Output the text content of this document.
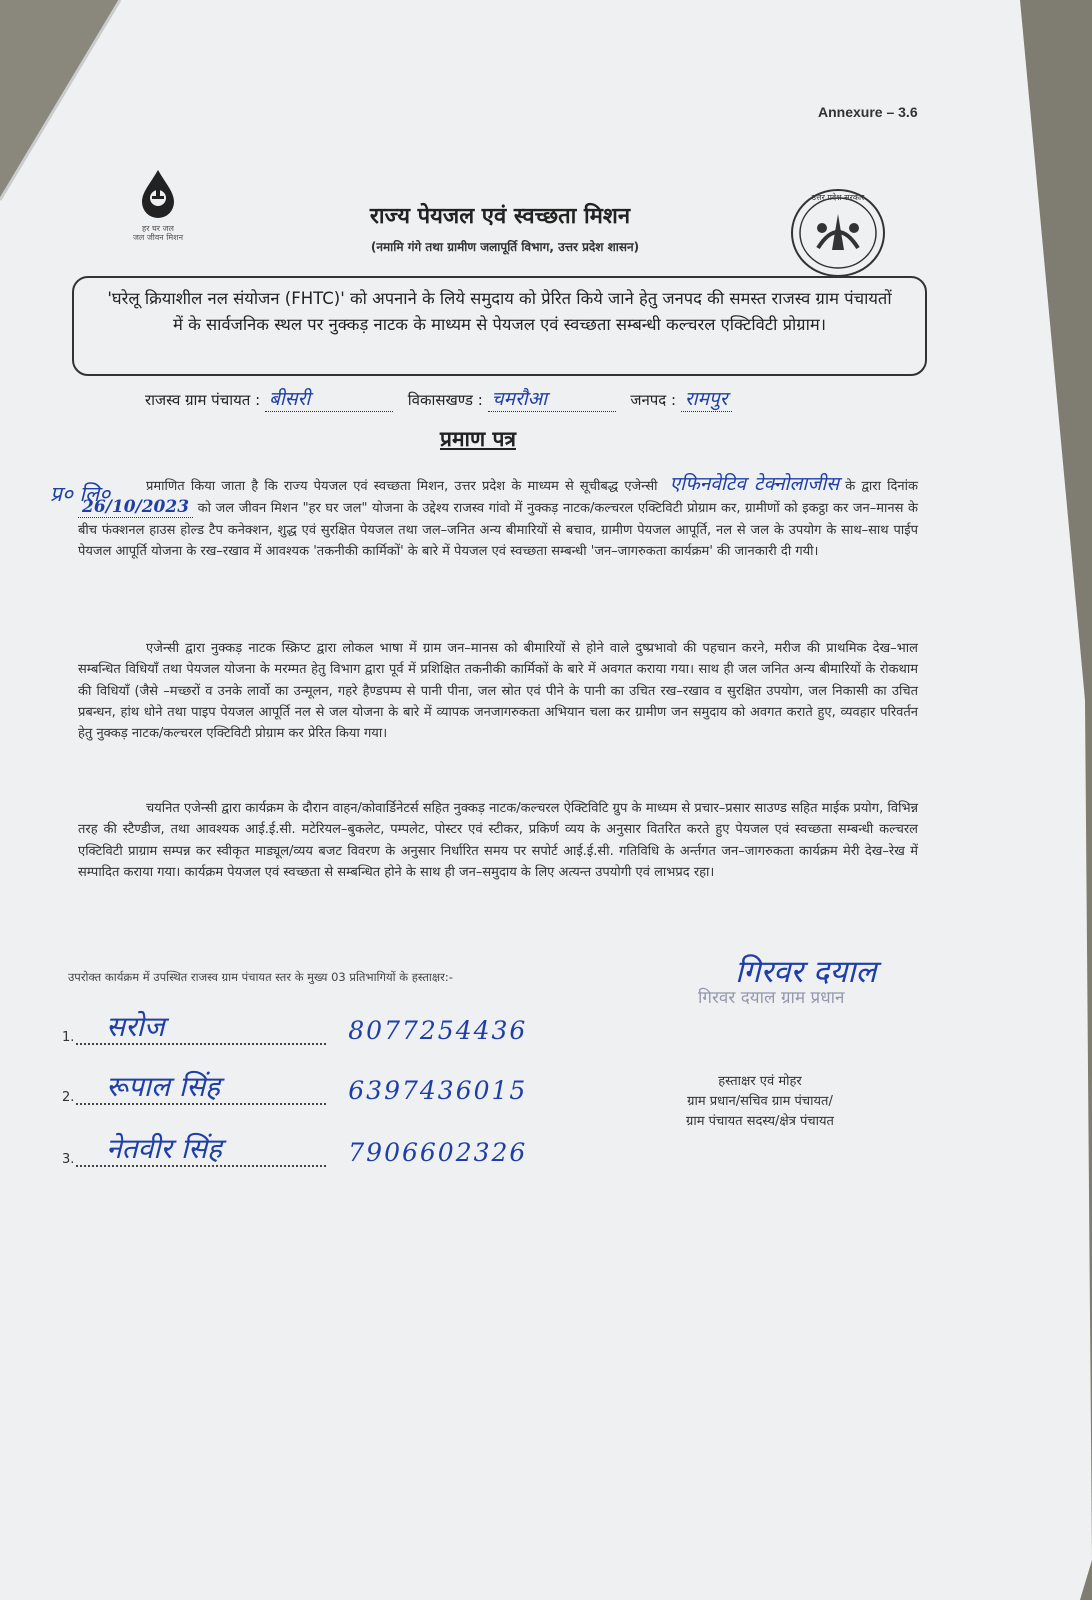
Annexure – 3.6
हर घर जल
जल जीवन मिशन
उत्तर प्रदेश सरकार
राज्य पेयजल एवं स्वच्छता मिशन
(नमामि गंगे तथा ग्रामीण जलापूर्ति विभाग, उत्तर प्रदेश शासन)
'घरेलू क्रियाशील नल संयोजन (FHTC)' को अपनाने के लिये समुदाय को प्रेरित किये जाने हेतु जनपद की समस्त राजस्व ग्राम पंचायतों में के सार्वजनिक स्थल पर नुक्कड़ नाटक के माध्यम से पेयजल एवं स्वच्छता सम्बन्धी कल्चरल एक्टिविटी प्रोग्राम।
राजस्व ग्राम पंचायत : बीसरी	विकासखण्ड : चमरौआ	जनपद : रामपुर
प्रमाण पत्र
प्र० लि०	प्रमाणित किया जाता है कि राज्य पेयजल एवं स्वच्छता मिशन, उत्तर प्रदेश के माध्यम से सूचीबद्ध एजेन्सी एफिनवेटिव टेक्नोलाजीस के द्वारा दिनांक 26/10/2023 को जल जीवन मिशन "हर घर जल" योजना के उद्देश्य राजस्व गांवो में नुक्कड़ नाटक/कल्चरल एक्टिविटी प्रोग्राम कर, ग्रामीणों को इकट्ठा कर जन–मानस के बीच फंक्शनल हाउस होल्ड टैप कनेक्शन, शुद्ध एवं सुरक्षित पेयजल तथा जल–जनित अन्य बीमारियों से बचाव, ग्रामीण पेयजल आपूर्ति, नल से जल के उपयोग के साथ–साथ पाईप पेयजल आपूर्ति योजना के रख–रखाव में आवश्यक 'तकनीकी कार्मिकों' के बारे में पेयजल एवं स्वच्छता सम्बन्धी 'जन–जागरुकता कार्यक्रम' की जानकारी दी गयी।
एजेन्सी द्वारा नुक्कड़ नाटक स्क्रिप्ट द्वारा लोकल भाषा में ग्राम जन–मानस को बीमारियों से होने वाले दुष्प्रभावो की पहचान करने, मरीज की प्राथमिक देख–भाल सम्बन्धित विधियाँ तथा पेयजल योजना के मरम्मत हेतु विभाग द्वारा पूर्व में प्रशिक्षित तकनीकी कार्मिकों के बारे में अवगत कराया गया। साथ ही जल जनित अन्य बीमारियों के रोकथाम की विधियाँ (जैसे –मच्छरों व उनके लार्वो का उन्मूलन, गहरे हैण्डपम्प से पानी पीना, जल स्रोत एवं पीने के पानी का उचित रख–रखाव व सुरक्षित उपयोग, जल निकासी का उचित प्रबन्धन, हांथ धोने तथा पाइप पेयजल आपूर्ति नल से जल योजना के बारे में व्यापक जनजागरुकता अभियान चला कर ग्रामीण जन समुदाय को अवगत कराते हुए, व्यवहार परिवर्तन हेतु नुक्कड़ नाटक/कल्चरल एक्टिविटी प्रोग्राम कर प्रेरित किया गया।
चयनित एजेन्सी द्वारा कार्यक्रम के दौरान वाहन/कोवार्डिनेटर्स सहित नुक्कड़ नाटक/कल्चरल ऐक्टिविटि ग्रुप के माध्यम से प्रचार–प्रसार साउण्ड सहित माईक प्रयोग, विभिन्न तरह की स्टैण्डीज, तथा आवश्यक आई.ई.सी. मटेरियल–बुकलेट, पम्पलेट, पोस्टर एवं स्टीकर, प्रकिर्ण व्यय के अनुसार वितरित करते हुए पेयजल एवं स्वच्छता सम्बन्धी कल्चरल एक्टिविटी प्राग्राम सम्पन्न कर स्वीकृत माड्यूल/व्यय बजट विवरण के अनुसार निर्धारित समय पर सपोर्ट आई.ई.सी. गतिविधि के अर्न्तगत जन–जागरुकता कार्यक्रम मेरी देख–रेख में सम्पादित कराया गया। कार्यक्रम पेयजल एवं स्वच्छता से सम्बन्धित होने के साथ ही जन–समुदाय के लिए अत्यन्त उपयोगी एवं लाभप्रद रहा।
उपरोक्त कार्यक्रम में उपस्थित राजस्व ग्राम पंचायत स्तर के मुख्य 03 प्रतिभागियों के हस्ताक्षर:-
1. सरोज	8077254436
2. रूपाल सिंह	6397436015
3. नेतवीर सिंह	7906602326
गिरवर दयाल
गिरवर दयाल ग्राम प्रधान
हस्ताक्षर एवं मोहर
ग्राम प्रधान/सचिव ग्राम पंचायत/
ग्राम पंचायत सदस्य/क्षेत्र पंचायत
